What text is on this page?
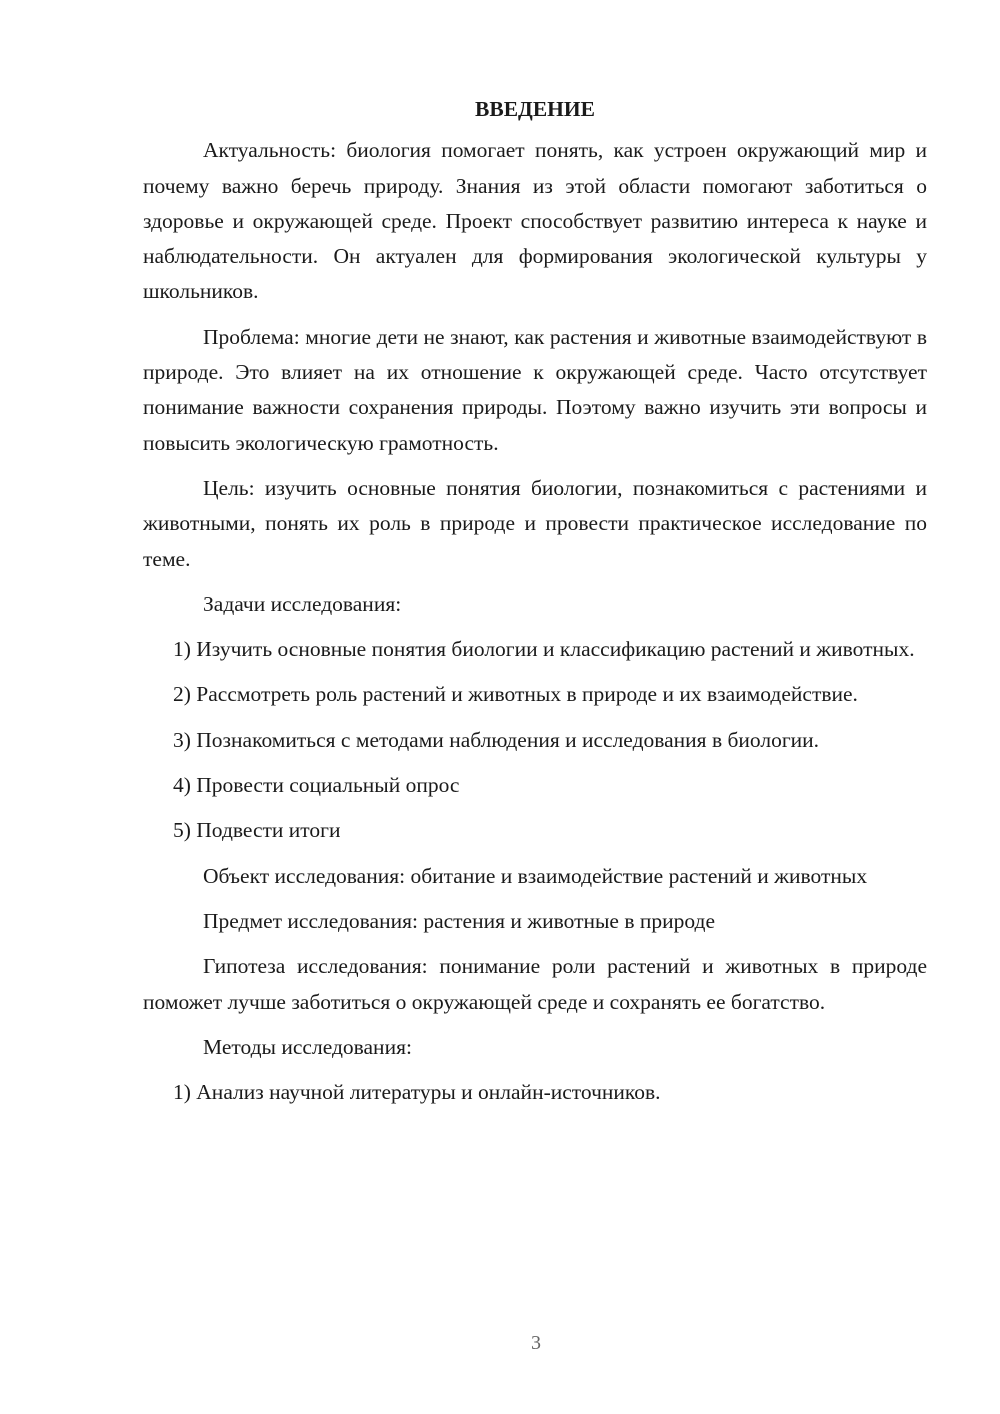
ВВЕДЕНИЕ

Актуальность: биология помогает понять, как устроен окружающий мир и почему важно беречь природу. Знания из этой области помогают заботиться о здоровье и окружающей среде. Проект способствует развитию интереса к науке и наблюдательности. Он актуален для формирования экологической культуры у школьников.

Проблема: многие дети не знают, как растения и животные взаимодействуют в природе. Это влияет на их отношение к окружающей среде. Часто отсутствует понимание важности сохранения природы. Поэтому важно изучить эти вопросы и повысить экологическую грамотность.

Цель: изучить основные понятия биологии, познакомиться с растениями и животными, понять их роль в природе и провести практическое исследование по теме.

Задачи исследования:

1) Изучить основные понятия биологии и классификацию растений и животных.

2) Рассмотреть роль растений и животных в природе и их взаимодействие.

3) Познакомиться с методами наблюдения и исследования в биологии.

4) Провести социальный опрос

5) Подвести итоги

Объект исследования: обитание и взаимодействие растений и животных

Предмет исследования: растения и животные в природе

Гипотеза исследования: понимание роли растений и животных в природе поможет лучше заботиться о окружающей среде и сохранять ее богатство.

Методы исследования:

1) Анализ научной литературы и онлайн-источников.

3
